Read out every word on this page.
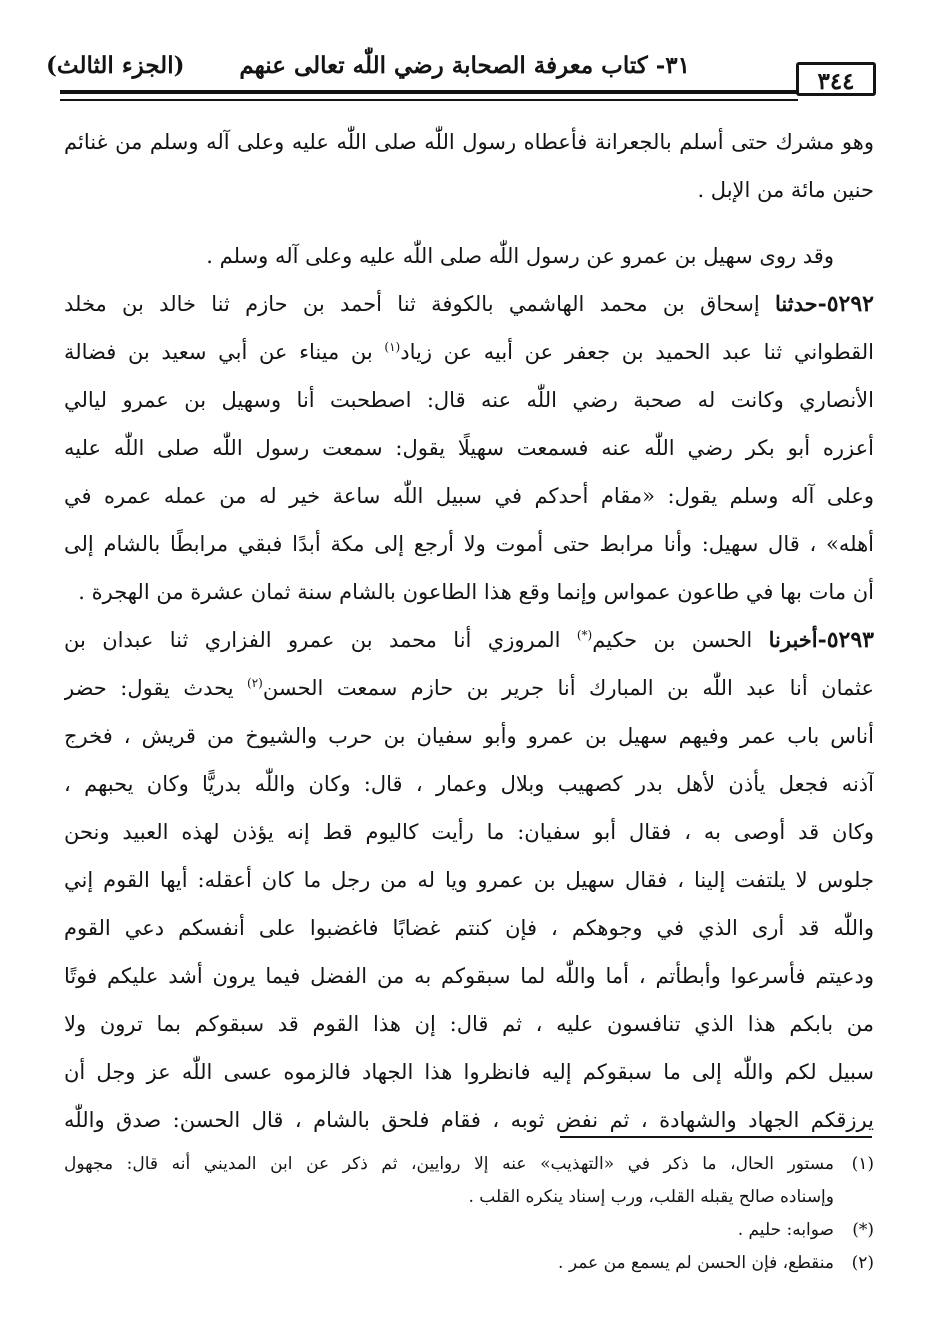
(الجزء الثالث)	٣١- كتاب معرفة الصحابة رضي اللّٰه تعالى عنهم
٣٤٤
وهو مشرك حتى أسلم بالجعرانة فأعطاه رسول اللّٰه صلى اللّٰه عليه وعلى آله وسلم من غنائم
حنين مائة من الإبل .
وقد روى سهيل بن عمرو عن رسول اللّٰه صلى اللّٰه عليه وعلى آله وسلم .
٥٢٩٢-حدثنا إسحاق بن محمد الهاشمي بالكوفة ثنا أحمد بن حازم ثنا خالد بن مخلد
القطواني ثنا عبد الحميد بن جعفر عن أبيه عن زياد$^{(١)}$ بن ميناء عن أبي سعيد بن فضالة
الأنصاري وكانت له صحبة رضي اللّٰه عنه قال: اصطحبت أنا وسهيل بن عمرو ليالي
أعزره أبو بكر رضي اللّٰه عنه فسمعت سهيلًا يقول: سمعت رسول اللّٰه صلى اللّٰه عليه
وعلى آله وسلم يقول: «مقام أحدكم في سبيل اللّٰه ساعة خير له من عمله عمره في
أهله» ، قال سهيل: وأنا مرابط حتى أموت ولا أرجع إلى مكة أبدًا فبقي مرابطًا بالشام إلى
أن مات بها في طاعون عمواس وإنما وقع هذا الطاعون بالشام سنة ثمان عشرة من الهجرة .
٥٢٩٣-أخبرنا الحسن بن حكيم(*) المروزي أنا محمد بن عمرو الفزاري ثنا عبدان بن
عثمان أنا عبد اللّٰه بن المبارك أنا جرير بن حازم سمعت الحسن$^{(٢)}$ يحدث يقول: حضر
أناس باب عمر وفيهم سهيل بن عمرو وأبو سفيان بن حرب والشيوخ من قريش ، فخرج
آذنه فجعل يأذن لأهل بدر كصهيب وبلال وعمار ، قال: وكان واللّٰه بدريًّا وكان يحبهم ،
وكان قد أوصى به ، فقال أبو سفيان: ما رأيت كاليوم قط إنه يؤذن لهذه العبيد ونحن
جلوس لا يلتفت إلينا ، فقال سهيل بن عمرو ويا له من رجل ما كان أعقله: أيها القوم إني
واللّٰه قد أرى الذي في وجوهكم ، فإن كنتم غضابًا فاغضبوا على أنفسكم دعي القوم
ودعيتم فأسرعوا وأبطأتم ، أما واللّٰه لما سبقوكم به من الفضل فيما يرون أشد عليكم فوتًا
من بابكم هذا الذي تنافسون عليه ، ثم قال: إن هذا القوم قد سبقوكم بما ترون ولا
سبيل لكم واللّٰه إلى ما سبقوكم إليه فانظروا هذا الجهاد فالزموه عسى اللّٰه عز وجل أن
يرزقكم الجهاد والشهادة ، ثم نفض ثوبه ، فقام فلحق بالشام ، قال الحسن: صدق واللّٰه
(١)مستور الحال، ما ذكر في «التهذيب» عنه إلا روايين، ثم ذكر عن ابن المديني أنه قال: مجهول
وإسناده صالح يقبله القلب، ورب إسناد ينكره القلب .
(*)صوابه: حليم .
(٢)منقطع، فإن الحسن لم يسمع من عمر .
